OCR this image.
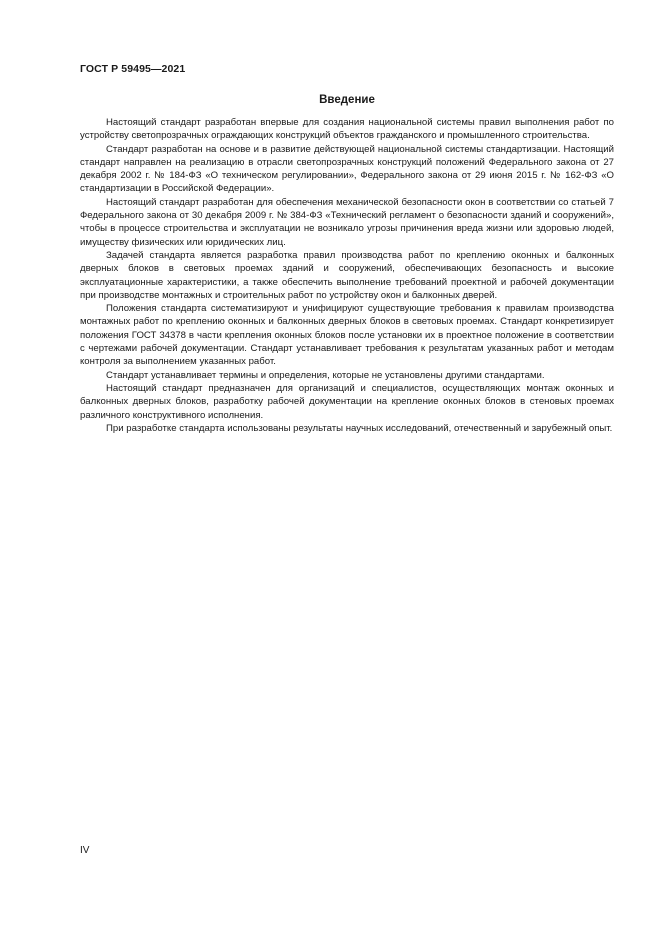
ГОСТ Р 59495—2021
Введение

Настоящий стандарт разработан впервые для создания национальной системы правил выполнения работ по устройству светопрозрачных ограждающих конструкций объектов гражданского и промышленного строительства.

Стандарт разработан на основе и в развитие действующей национальной системы стандартизации. Настоящий стандарт направлен на реализацию в отрасли светопрозрачных конструкций положений Федерального закона от 27 декабря 2002 г. № 184-ФЗ «О техническом регулировании», Федерального закона от 29 июня 2015 г. № 162-ФЗ «О стандартизации в Российской Федерации».

Настоящий стандарт разработан для обеспечения механической безопасности окон в соответствии со статьей 7 Федерального закона от 30 декабря 2009 г. № 384-ФЗ «Технический регламент о безопасности зданий и сооружений», чтобы в процессе строительства и эксплуатации не возникало угрозы причинения вреда жизни или здоровью людей, имуществу физических или юридических лиц.

Задачей стандарта является разработка правил производства работ по креплению оконных и балконных дверных блоков в световых проемах зданий и сооружений, обеспечивающих безопасность и высокие эксплуатационные характеристики, а также обеспечить выполнение требований проектной и рабочей документации при производстве монтажных и строительных работ по устройству окон и балконных дверей.

Положения стандарта систематизируют и унифицируют существующие требования к правилам производства монтажных работ по креплению оконных и балконных дверных блоков в световых проемах. Стандарт конкретизирует положения ГОСТ 34378 в части крепления оконных блоков после установки их в проектное положение в соответствии с чертежами рабочей документации. Стандарт устанавливает требования к результатам указанных работ и методам контроля за выполнением указанных работ.

Стандарт устанавливает термины и определения, которые не установлены другими стандартами.

Настоящий стандарт предназначен для организаций и специалистов, осуществляющих монтаж оконных и балконных дверных блоков, разработку рабочей документации на крепление оконных блоков в стеновых проемах различного конструктивного исполнения.

При разработке стандарта использованы результаты научных исследований, отечественный и зарубежный опыт.

IV
